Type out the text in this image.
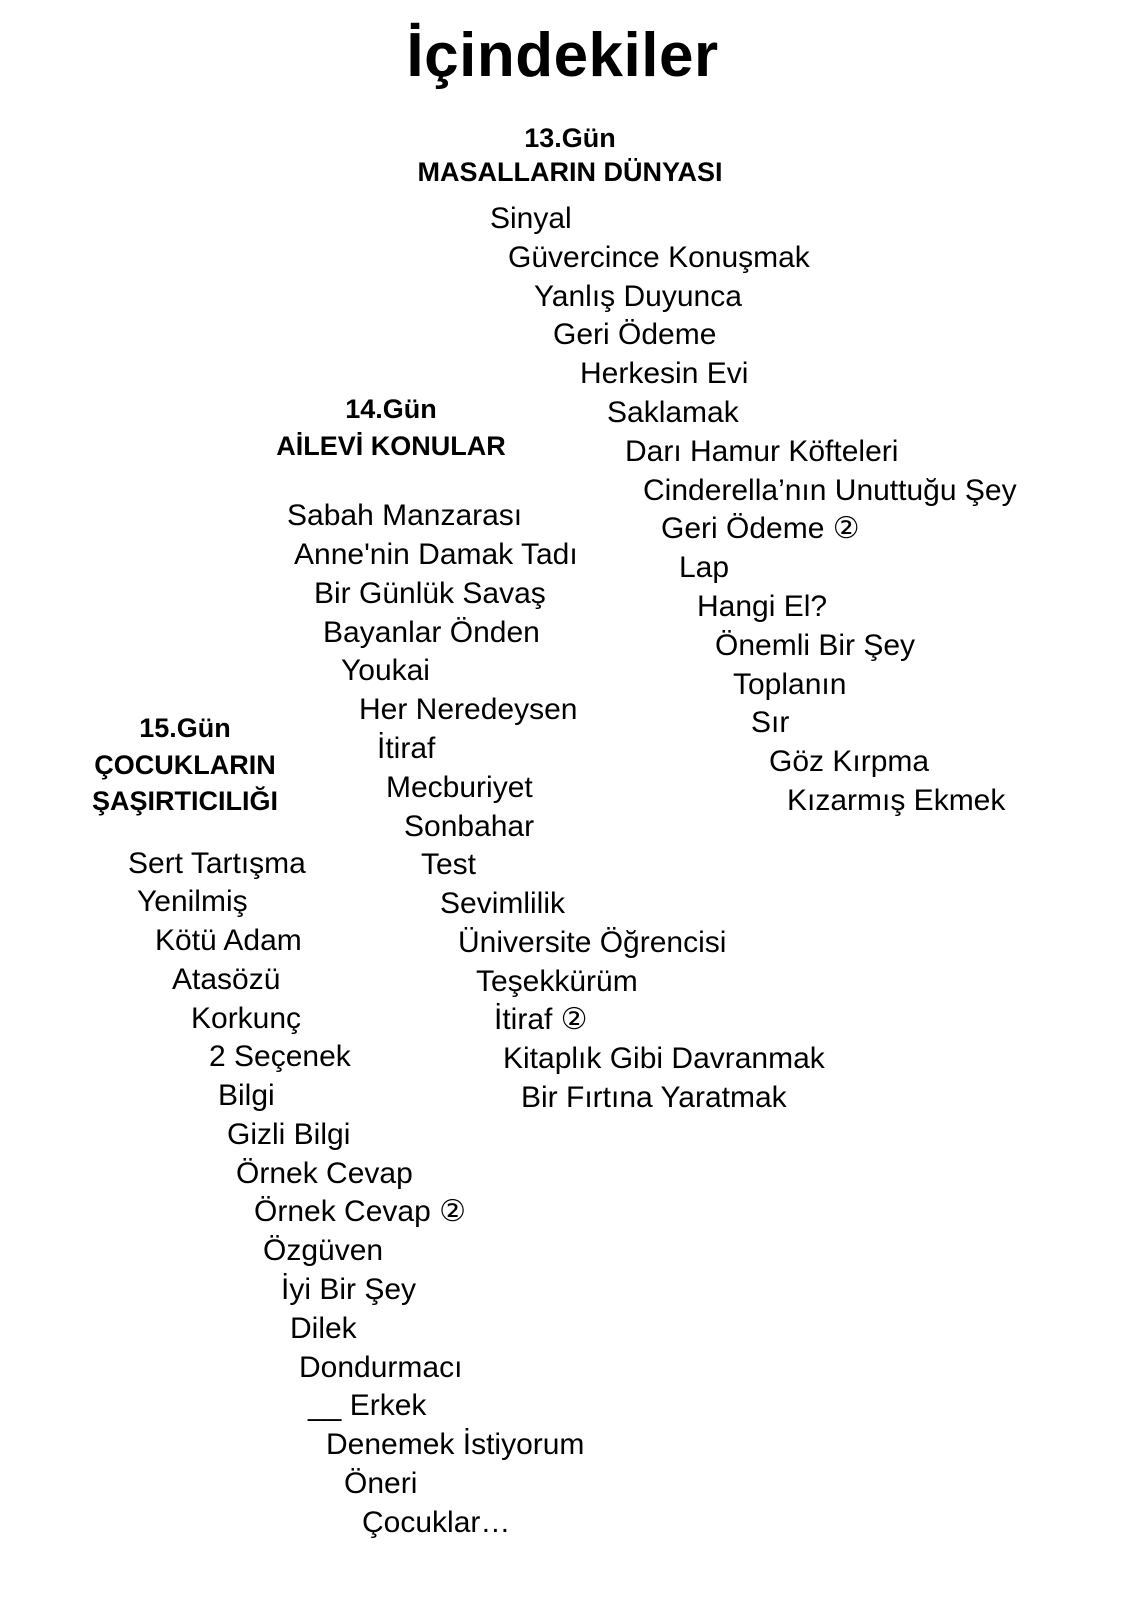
İçindekiler
13.Gün
MASALLARIN DÜNYASI
Sinyal
Güvercince Konuşmak
Yanlış Duyunca
Geri Ödeme
Herkesin Evi
Saklamak
Darı Hamur Köfteleri
Cinderella’nın Unuttuğu Şey
Geri Ödeme ②
Lap
Hangi El?
Önemli Bir Şey
Toplanın
Sır
Göz Kırpma
Kızarmış Ekmek
14.Gün
AİLEVİ KONULAR
Sabah Manzarası
Anne'nin Damak Tadı
Bir Günlük Savaş
Bayanlar Önden
Youkai
Her Neredeysen
İtiraf
Mecburiyet
Sonbahar
Test
Sevimlilik
Üniversite Öğrencisi
Teşekkürüm
İtiraf ②
Kitaplık Gibi Davranmak
Bir Fırtına Yaratmak
15.Gün
ÇOCUKLARIN
ŞAŞIRTICILIĞI
Sert Tartışma
Yenilmiş
Kötü Adam
Atasözü
Korkunç
2 Seçenek
Bilgi
Gizli Bilgi
Örnek Cevap
Örnek Cevap ②
Özgüven
İyi Bir Şey
Dilek
Dondurmacı
__ Erkek
Denemek İstiyorum
Öneri
Çocuklar…
